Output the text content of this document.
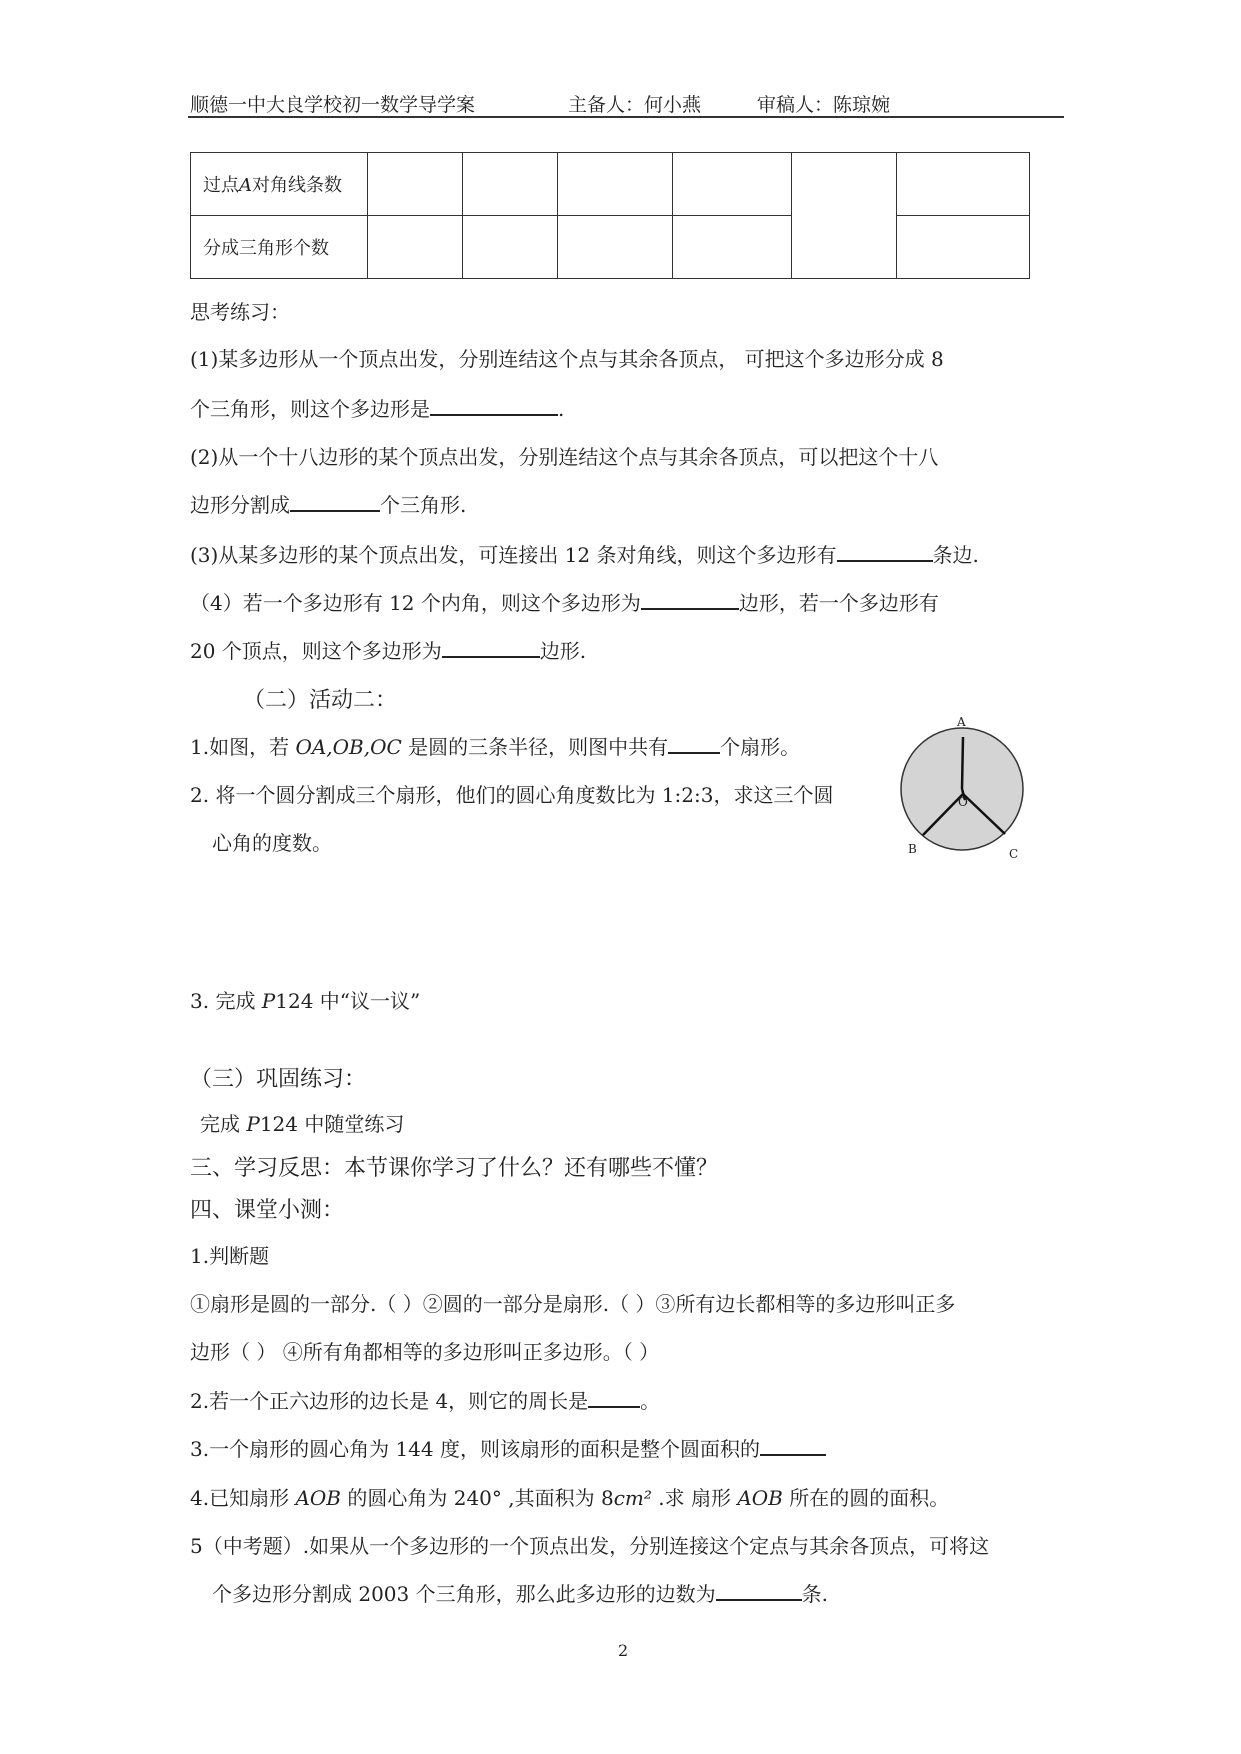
顺德一中大良学校初一数学导学案	主备人：何小燕	审稿人：陈琼婉
过点A对角线条数						
分成三角形个数						
思考练习：
(1)某多边形从一个顶点出发，分别连结这个点与其余各顶点， 可把这个多边形分成 8
个三角形，则这个多边形是	.
(2)从一个十八边形的某个顶点出发，分别连结这个点与其余各顶点，可以把这个十八
边形分割成	个三角形.
(3)从某多边形的某个顶点出发，可连接出 12 条对角线，则这个多边形有	条边.
（4）若一个多边形有 12 个内角，则这个多边形为	边形，若一个多边形有
20 个顶点，则这个多边形为	边形.
（二）活动二：
1.如图，若 OA,OB,OC 是圆的三条半径，则图中共有	个扇形。
2. 将一个圆分割成三个扇形，他们的圆心角度数比为 1:2:3，求这三个圆
心角的度数。
A
B	C
O
3. 完成 P124 中“议一议”
（三）巩固练习：
完成 P124 中随堂练习
三、学习反思：本节课你学习了什么？还有哪些不懂？
四、课堂小测：
1.判断题
①扇形是圆的一部分.（ ）②圆的一部分是扇形.（ ）③所有边长都相等的多边形叫正多
边形（ ） ④所有角都相等的多边形叫正多边形。（ ）
2.若一个正六边形的边长是 4，则它的周长是	。
3.一个扇形的圆心角为 144 度，则该扇形的面积是整个圆面积的
4.已知扇形 AOB 的圆心角为 240° ,其面积为 8cm² .求 扇形 AOB 所在的圆的面积。
5（中考题）.如果从一个多边形的一个顶点出发，分别连接这个定点与其余各顶点，可将这
个多边形分割成 2003 个三角形，那么此多边形的边数为	条.
2
